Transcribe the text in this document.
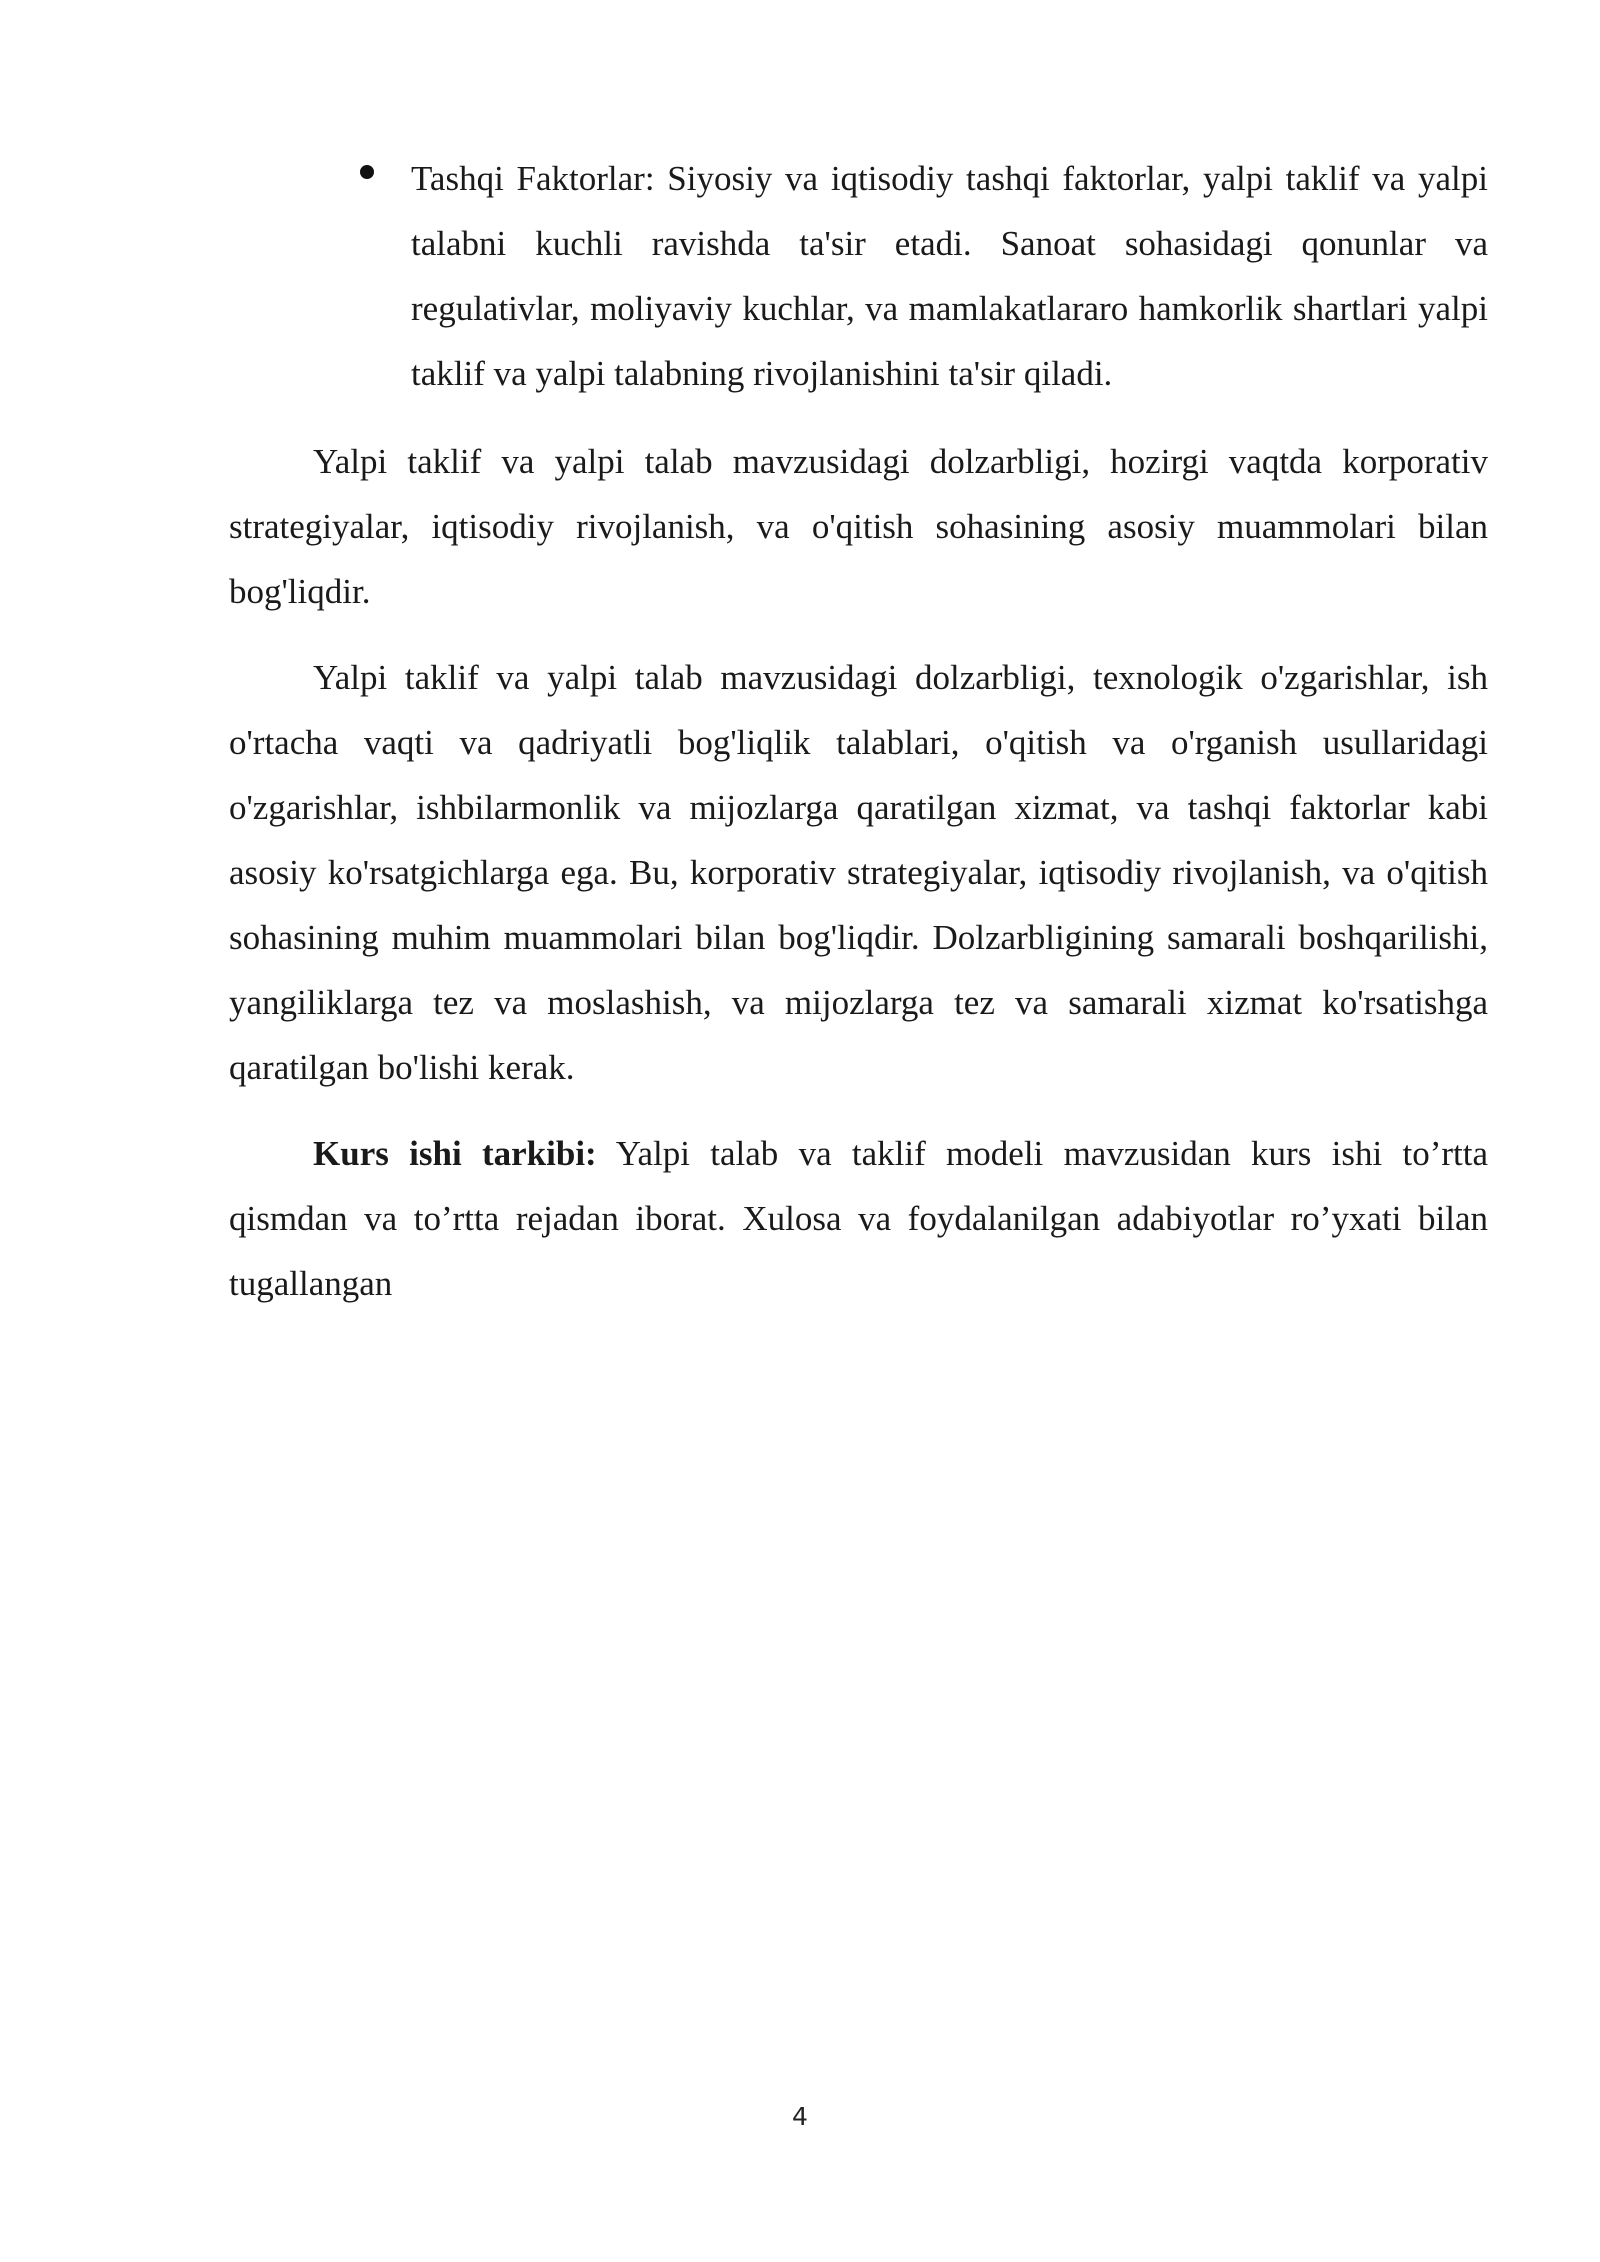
Tashqi Faktorlar: Siyosiy va iqtisodiy tashqi faktorlar, yalpi taklif va yalpi talabni kuchli ravishda ta'sir etadi. Sanoat sohasidagi qonunlar va regulativlar, moliyaviy kuchlar, va mamlakatlararo hamkorlik shartlari yalpi taklif va yalpi talabning rivojlanishini ta'sir qiladi.

Yalpi taklif va yalpi talab mavzusidagi dolzarbligi, hozirgi vaqtda korporativ strategiyalar, iqtisodiy rivojlanish, va o'qitish sohasining asosiy muammolari bilan bog'liqdir.

Yalpi taklif va yalpi talab mavzusidagi dolzarbligi, texnologik o'zgarishlar, ish o'rtacha vaqti va qadriyatli bog'liqlik talablari, o'qitish va o'rganish usullaridagi o'zgarishlar, ishbilarmonlik va mijozlarga qaratilgan xizmat, va tashqi faktorlar kabi asosiy ko'rsatgichlarga ega. Bu, korporativ strategiyalar, iqtisodiy rivojlanish, va o'qitish sohasining muhim muammolari bilan bog'liqdir. Dolzarbligining samarali boshqarilishi, yangiliklarga tez va moslashish, va mijozlarga tez va samarali xizmat ko'rsatishga qaratilgan bo'lishi kerak.

Kurs ishi tarkibi: Yalpi talab va taklif modeli mavzusidan kurs ishi to’rtta qismdan va to’rtta rejadan iborat. Xulosa va foydalanilgan adabiyotlar ro’yxati bilan tugallangan

4
